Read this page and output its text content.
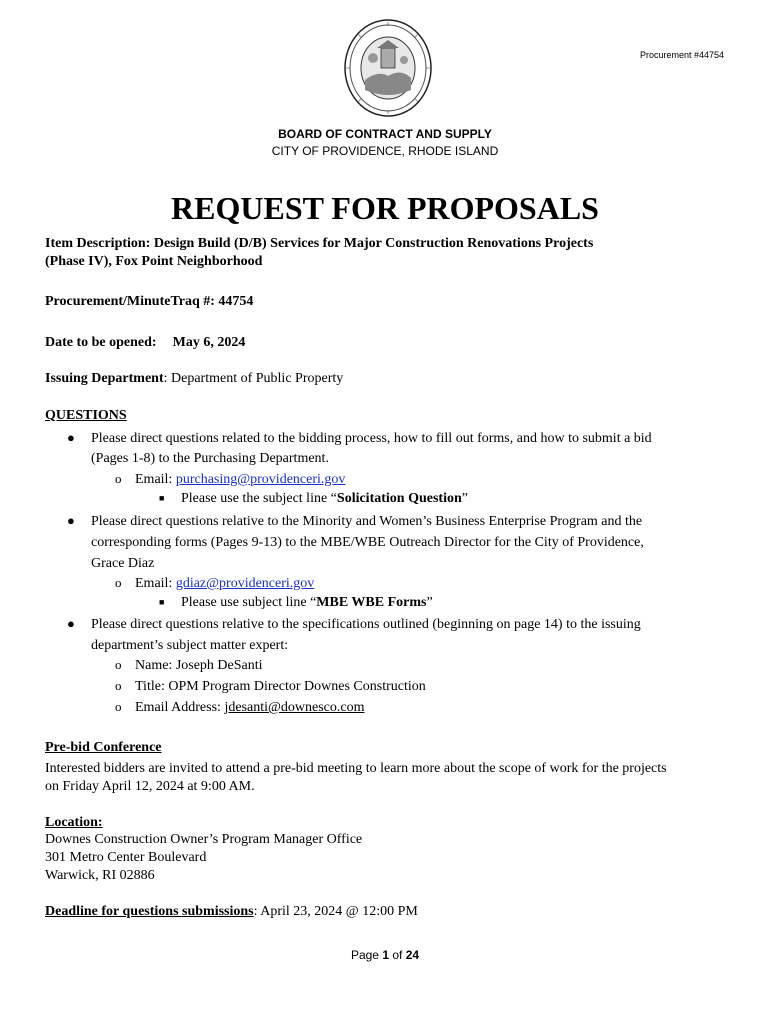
Procurement #44754
BOARD OF CONTRACT AND SUPPLY
CITY OF PROVIDENCE, RHODE ISLAND
REQUEST FOR PROPOSALS
Item Description: Design Build (D/B) Services for Major Construction Renovations Projects
(Phase IV), Fox Point Neighborhood
Procurement/MinuteTraq #: 44754
Date to be opened: May 6, 2024
Issuing Department: Department of Public Property
QUESTIONS
● Please direct questions related to the bidding process, how to fill out forms, and how to submit a bid
(Pages 1-8) to the Purchasing Department.
o Email: purchasing@providenceri.gov
■ Please use the subject line “Solicitation Question”
● Please direct questions relative to the Minority and Women’s Business Enterprise Program and the
corresponding forms (Pages 9-13) to the MBE/WBE Outreach Director for the City of Providence,
Grace Diaz
o Email: gdiaz@providenceri.gov
■ Please use subject line “MBE WBE Forms”
● Please direct questions relative to the specifications outlined (beginning on page 14) to the issuing
department’s subject matter expert:
o Name: Joseph DeSanti
o Title: OPM Program Director Downes Construction
o Email Address: jdesanti@downesco.com
Pre-bid Conference
Interested bidders are invited to attend a pre-bid meeting to learn more about the scope of work for the projects
on Friday April 12, 2024 at 9:00 AM.
Location:
Downes Construction Owner’s Program Manager Office
301 Metro Center Boulevard
Warwick, RI 02886
Deadline for questions submissions: April 23, 2024 @ 12:00 PM
Page 1 of 24
